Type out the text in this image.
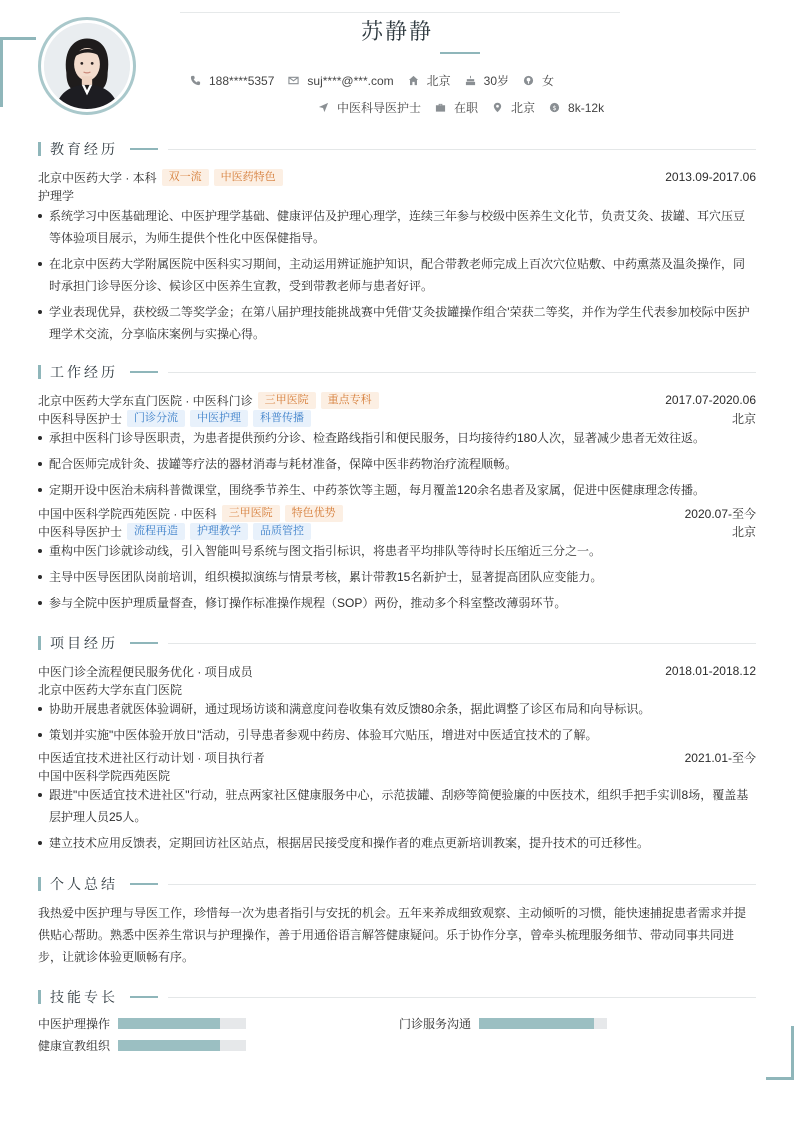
苏静静
188****5357	suj****@***.com	北京	30岁	女
中医科导医护士	在职	北京 $ 8k-12k
教育经历
北京中医药大学 · 本科	双一流	中医药特色	2013.09-2017.06
护理学
系统学习中医基础理论、中医护理学基础、健康评估及护理心理学，连续三年参与校级中医养生文化节，负责艾灸、拔罐、耳穴压豆等体验项目展示，为师生提供个性化中医保健指导。
在北京中医药大学附属医院中医科实习期间，主动运用辨证施护知识，配合带教老师完成上百次穴位贴敷、中药熏蒸及温灸操作，同时承担门诊导医分诊、候诊区中医养生宣教，受到带教老师与患者好评。
学业表现优异，获校级二等奖学金；在第八届护理技能挑战赛中凭借'艾灸拔罐操作组合'荣获二等奖，并作为学生代表参加校际中医护理学术交流，分享临床案例与实操心得。
工作经历
北京中医药大学东直门医院 · 中医科门诊	三甲医院	重点专科	2017.07-2020.06
中医科导医护士	门诊分流	中医护理	科普传播	北京
承担中医科门诊导医职责，为患者提供预约分诊、检查路线指引和便民服务，日均接待约180人次，显著减少患者无效往返。
配合医师完成针灸、拔罐等疗法的器材消毒与耗材准备，保障中医非药物治疗流程顺畅。
定期开设中医治未病科普微课堂，围绕季节养生、中药茶饮等主题，每月覆盖120余名患者及家属，促进中医健康理念传播。
中国中医科学院西苑医院 · 中医科	三甲医院	特色优势	2020.07-至今
中医科导医护士	流程再造	护理教学	品质管控	北京
重构中医门诊就诊动线，引入智能叫号系统与图文指引标识，将患者平均排队等待时长压缩近三分之一。
主导中医导医团队岗前培训，组织模拟演练与情景考核，累计带教15名新护士，显著提高团队应变能力。
参与全院中医护理质量督查，修订操作标准操作规程（SOP）两份，推动多个科室整改薄弱环节。
项目经历
中医门诊全流程便民服务优化 · 项目成员	2018.01-2018.12
北京中医药大学东直门医院
协助开展患者就医体验调研，通过现场访谈和满意度问卷收集有效反馈80余条，据此调整了诊区布局和向导标识。
策划并实施"中医体验开放日"活动，引导患者参观中药房、体验耳穴贴压，增进对中医适宜技术的了解。
中医适宜技术进社区行动计划 · 项目执行者	2021.01-至今
中国中医科学院西苑医院
跟进"中医适宜技术进社区"行动，驻点两家社区健康服务中心，示范拔罐、刮痧等简便验廉的中医技术，组织手把手实训8场，覆盖基层护理人员25人。
建立技术应用反馈表，定期回访社区站点，根据居民接受度和操作者的难点更新培训教案，提升技术的可迁移性。
个人总结

我热爱中医护理与导医工作，珍惜每一次为患者指引与安抚的机会。五年来养成细致观察、主动倾听的习惯，能快速捕捉患者需求并提供贴心帮助。熟悉中医养生常识与护理操作，善于用通俗语言解答健康疑问。乐于协作分享，曾牵头梳理服务细节、带动同事共同进步，让就诊体验更顺畅有序。

技能专长
中医护理操作	门诊服务沟通
健康宣教组织
